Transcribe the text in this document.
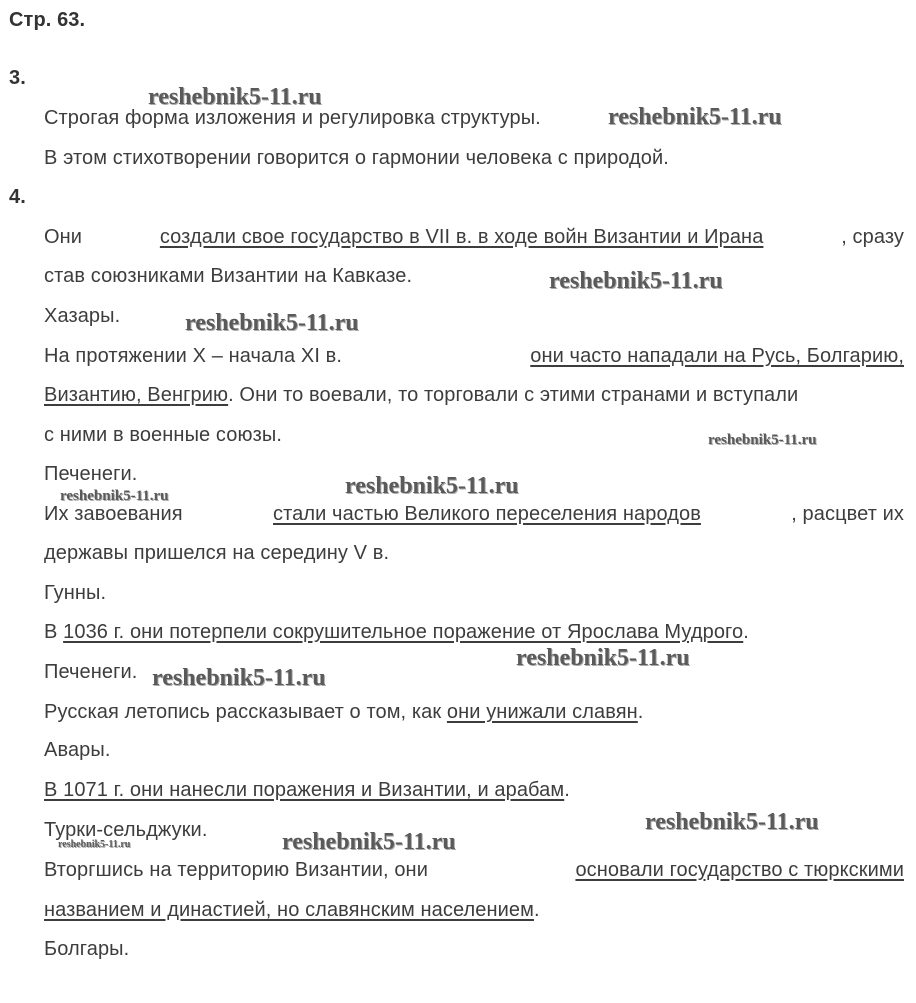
Стр. 63.
3.
Строгая форма изложения и регулировка структуры.
В этом стихотворении говорится о гармонии человека с природой.
4.
Они	создали свое государство в VII в. в ходе войн Византии и Ирана	, сразу
став союзниками Византии на Кавказе.
Хазары.
На протяжении X – начала XI в.	они часто нападали на Русь, Болгарию,
Византию, Венгрию. Они то воевали, то торговали с этими странами и вступали
с ними в военные союзы.
Печенеги.
Их завоевания	стали частью Великого переселения народов	, расцвет их
державы пришелся на середину V в.
Гунны.
В 1036 г. они потерпели сокрушительное поражение от Ярослава Мудрого.
Печенеги.
Русская летопись рассказывает о том, как они унижали славян.
Авары.
В 1071 г. они нанесли поражения и Византии, и арабам.
Турки-сельджуки.
Вторгшись на территорию Византии, они	основали государство с тюркскими
названием и династией, но славянским населением.
Болгары.
reshebnik5-11.ru
reshebnik5-11.ru
reshebnik5-11.ru
reshebnik5-11.ru
reshebnik5-11.ru
reshebnik5-11.ru
reshebnik5-11.ru
reshebnik5-11.ru
reshebnik5-11.ru
reshebnik5-11.ru
reshebnik5-11.ru
reshebnik5-11.ru
